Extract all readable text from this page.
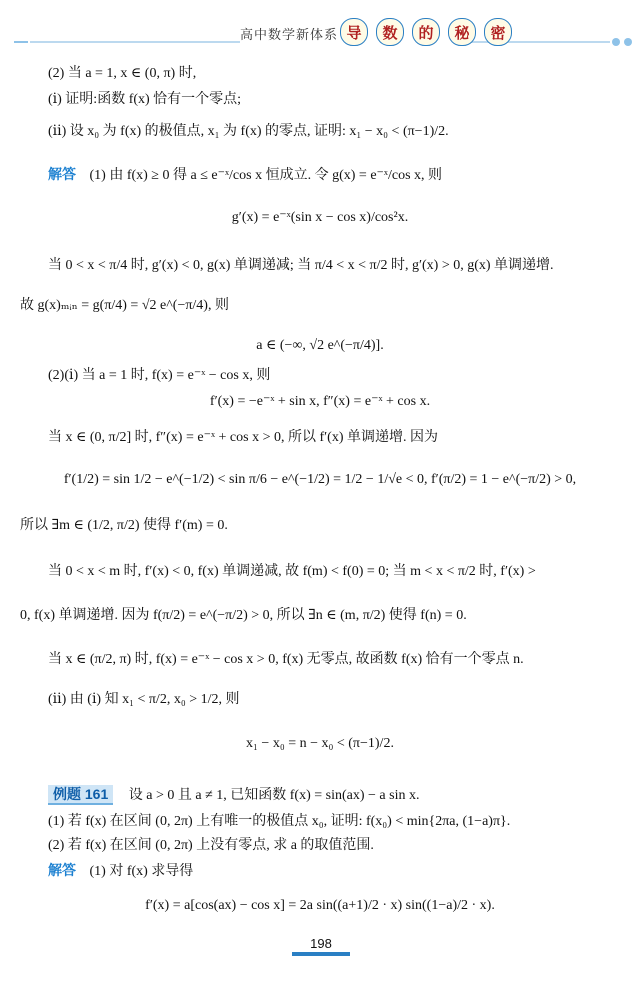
高中数学新体系 导	数	的	秘	密
(2) 当 a = 1, x ∈ (0, π) 时,
(ⅰ) 证明:函数 f(x) 恰有一个零点;
(ⅱ) 设 x₀ 为 f(x) 的极值点, x₁ 为 f(x) 的零点, 证明: x₁ − x₀ < (π−1)/2.
解答 (1) 由 f(x) ≥ 0 得 a ≤ e⁻ˣ/cos x 恒成立. 令 g(x) = e⁻ˣ/cos x, 则
g′(x) = e⁻ˣ(sin x − cos x)/cos²x.
当 0 < x < π/4 时, g′(x) < 0, g(x) 单调递减; 当 π/4 < x < π/2 时, g′(x) > 0, g(x) 单调递增.
故 g(x)ₘᵢₙ = g(π/4) = √2 e^(−π/4), 则
a ∈ (−∞, √2 e^(−π/4)].
(2)(ⅰ) 当 a = 1 时, f(x) = e⁻ˣ − cos x, 则
f′(x) = −e⁻ˣ + sin x, f″(x) = e⁻ˣ + cos x.
当 x ∈ (0, π/2] 时, f″(x) = e⁻ˣ + cos x > 0, 所以 f′(x) 单调递增. 因为
f′(1/2) = sin 1/2 − e^(−1/2) < sin π/6 − e^(−1/2) = 1/2 − 1/√e < 0, f′(π/2) = 1 − e^(−π/2) > 0,
所以 ∃m ∈ (1/2, π/2) 使得 f′(m) = 0.
当 0 < x < m 时, f′(x) < 0, f(x) 单调递减, 故 f(m) < f(0) = 0; 当 m < x < π/2 时, f′(x) >
0, f(x) 单调递增. 因为 f(π/2) = e^(−π/2) > 0, 所以 ∃n ∈ (m, π/2) 使得 f(n) = 0.
当 x ∈ (π/2, π) 时, f(x) = e⁻ˣ − cos x > 0, f(x) 无零点, 故函数 f(x) 恰有一个零点 n.
(ⅱ) 由 (ⅰ) 知 x₁ < π/2, x₀ > 1/2, 则
x₁ − x₀ = n − x₀ < (π−1)/2.
例题 161 设 a > 0 且 a ≠ 1, 已知函数 f(x) = sin(ax) − a sin x.
(1) 若 f(x) 在区间 (0, 2π) 上有唯一的极值点 x₀, 证明: f(x₀) < min{2πa, (1−a)π}.
(2) 若 f(x) 在区间 (0, 2π) 上没有零点, 求 a 的取值范围.
解答 (1) 对 f(x) 求导得
f′(x) = a[cos(ax) − cos x] = 2a sin((a+1)/2 · x) sin((1−a)/2 · x).
198
